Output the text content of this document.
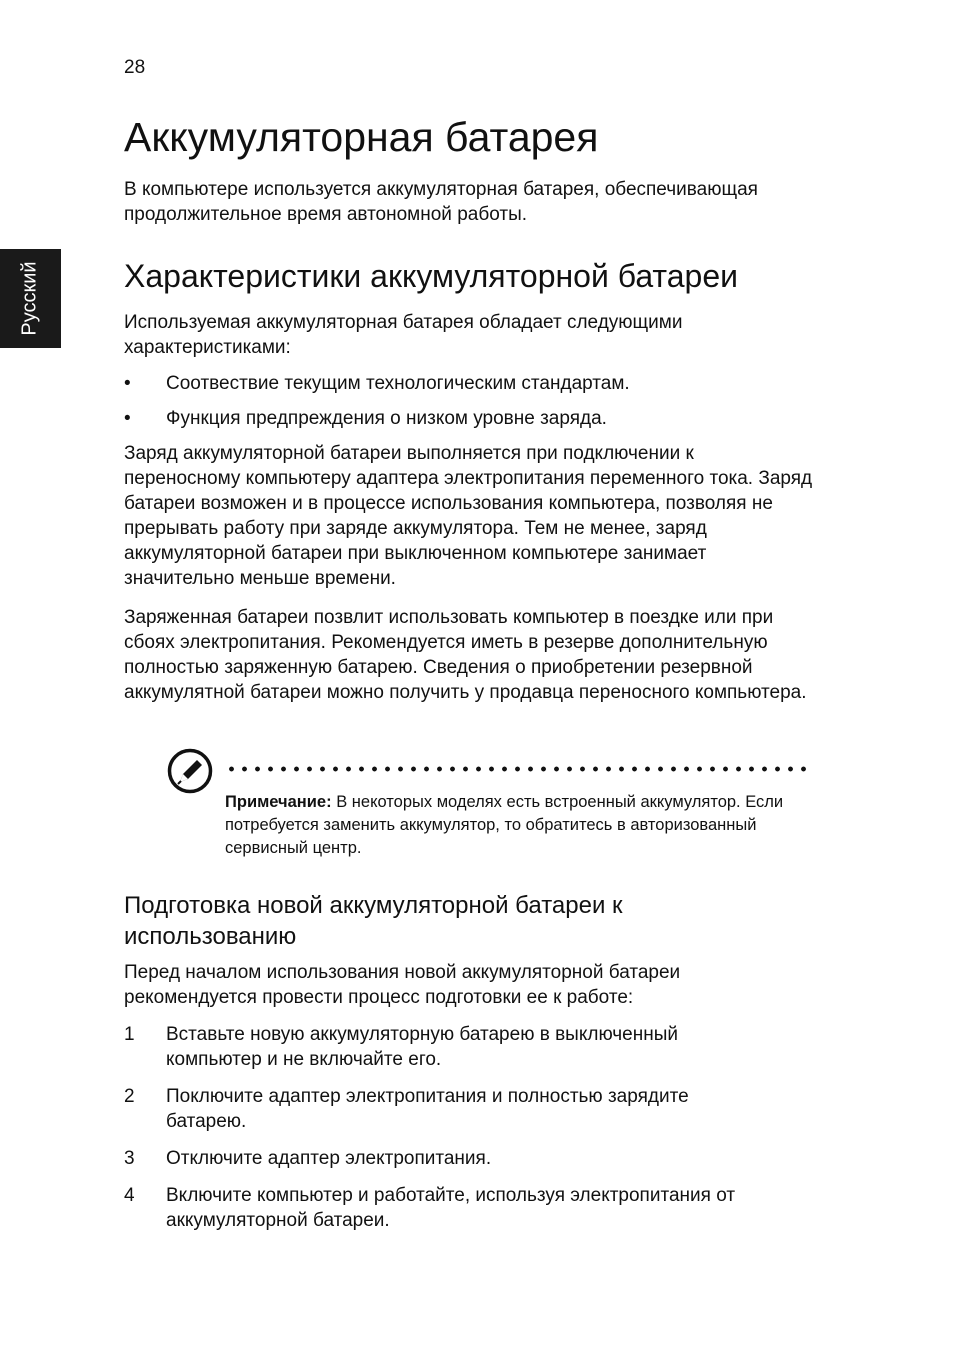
28
Русский
Аккумуляторная батарея

В компьютере используется аккумуляторная батарея, обеспечивающая продолжительное время автономной работы.

Характеристики аккумуляторной батареи

Используемая аккумуляторная батарея обладает следующими характеристиками:

• Соотвествие текущим технологическим стандартам.
• Функция предпреждения о низком уровне заряда.

Заряд аккумуляторной батареи выполняется при подключении к переносному компьютеру адаптера электропитания переменного тока. Заряд батареи возможен и в процессе использования компьютера, позволяя не прерывать работу при заряде аккумулятора. Тем не менее, заряд аккумуляторной батареи при выключенном компьютере занимает значительно меньше времени.

Заряженная батареи позвлит использовать компьютер в поездке или при сбоях электропитания. Рекомендуется иметь в резерве дополнительную полностью заряженную батарею. Сведения о приобретении резервной аккумулятной батареи можно получить у продавца переносного компьютера.

Подготовка новой аккумуляторной батареи к использованию

Перед началом использования новой аккумуляторной батареи рекомендуется провести процесс подготовки ее к работе:

1 Вставьте новую аккумуляторную батарею в выключенный компьютер и не включайте его.
2 Поключите адаптер электропитания и полностью зарядите батарею.
3 Отключите адаптер электропитания.
4 Включите компьютер и работайте, используя электропитания от аккумуляторной батареи.
Примечание: В некоторых моделях есть встроенный аккумулятор. Если потребуется заменить аккумулятор, то обратитесь в авторизованный сервисный центр.
